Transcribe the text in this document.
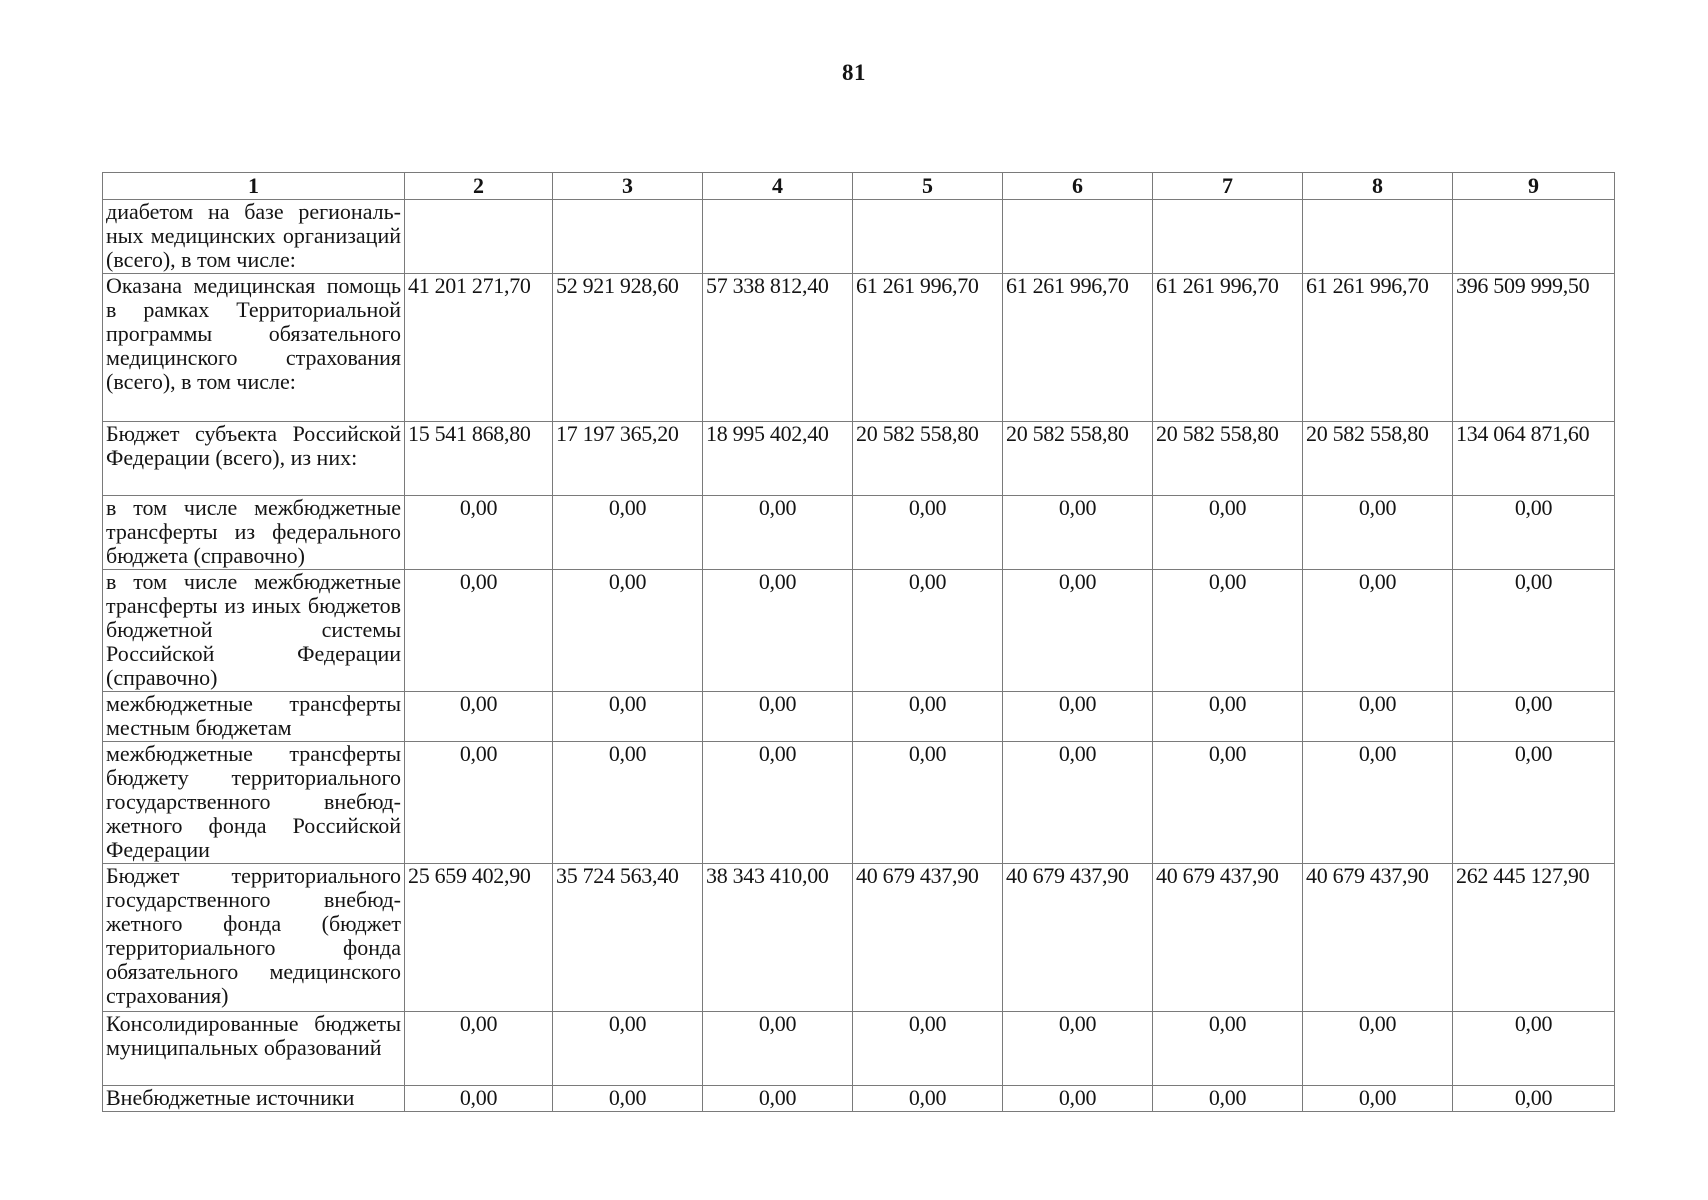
81
1	2	3	4	5	6	7	8	9
диабетом на базе региональных медицинских организаций (всего), в том числе:								
Оказана медицинская помощь в рамках Территориальной программы обязательного медицинского страхования (всего), в том числе:	41 201 271,70	52 921 928,60	57 338 812,40	61 261 996,70	61 261 996,70	61 261 996,70	61 261 996,70	396 509 999,50
Бюджет субъекта Российской Федерации (всего), из них:	15 541 868,80	17 197 365,20	18 995 402,40	20 582 558,80	20 582 558,80	20 582 558,80	20 582 558,80	134 064 871,60
в том числе межбюджетные трансферты из федерального бюджета (справочно)	0,00	0,00	0,00	0,00	0,00	0,00	0,00	0,00
в том числе межбюджетные трансферты из иных бюджетов бюджетной системы Российской Федерации (справочно)	0,00	0,00	0,00	0,00	0,00	0,00	0,00	0,00
межбюджетные трансферты местным бюджетам	0,00	0,00	0,00	0,00	0,00	0,00	0,00	0,00
межбюджетные трансферты бюджету территориального государственного внебюджетного фонда Российской Федерации	0,00	0,00	0,00	0,00	0,00	0,00	0,00	0,00
Бюджет территориального государственного внебюджетного фонда (бюджет территориального фонда обязательного медицинского страхования)	25 659 402,90	35 724 563,40	38 343 410,00	40 679 437,90	40 679 437,90	40 679 437,90	40 679 437,90	262 445 127,90
Консолидированные бюджеты муниципальных образований	0,00	0,00	0,00	0,00	0,00	0,00	0,00	0,00
Внебюджетные источники	0,00	0,00	0,00	0,00	0,00	0,00	0,00	0,00
